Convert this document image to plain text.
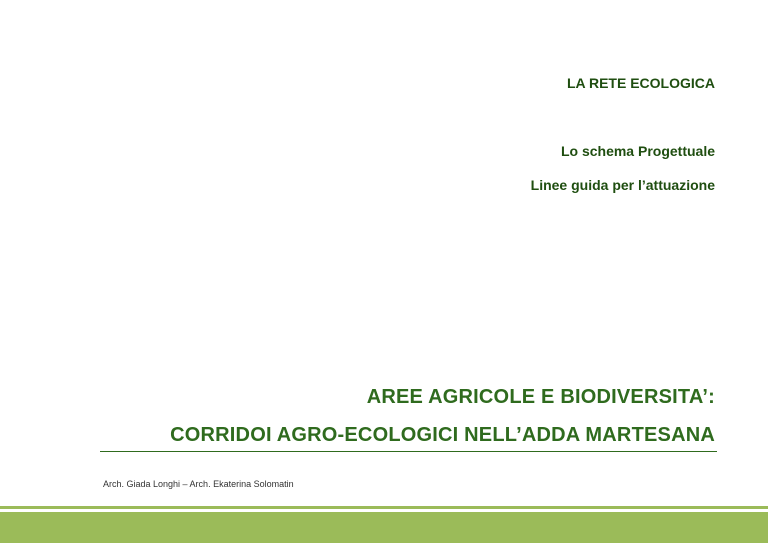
LA RETE ECOLOGICA
Lo schema Progettuale
Linee guida per l’attuazione
AREE AGRICOLE E BIODIVERSITA’:
CORRIDOI AGRO-ECOLOGICI NELL’ADDA MARTESANA
Arch. Giada Longhi – Arch. Ekaterina Solomatin
